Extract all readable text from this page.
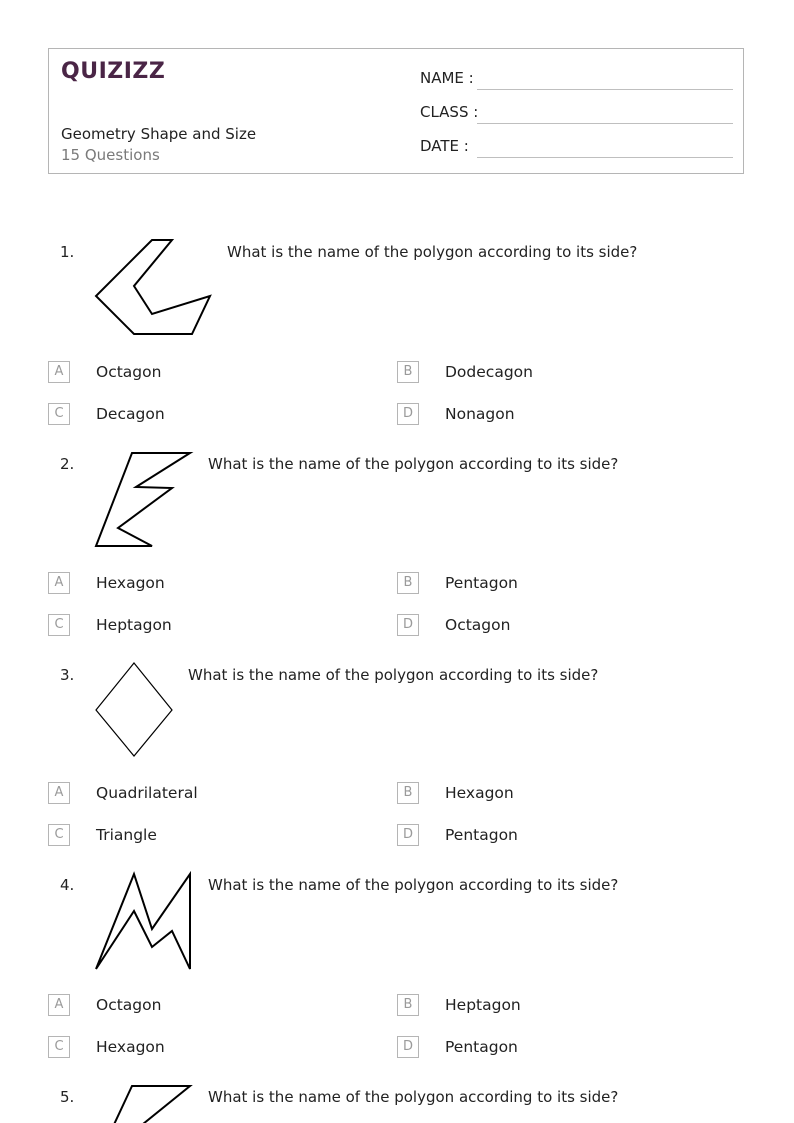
QUIZIZZ
Geometry Shape and Size
15 Questions
NAME :
CLASS :
DATE :
1.	What is the name of the polygon according to its side?
A	Octagon	B	Dodecagon
C	Decagon	D	Nonagon
2.	What is the name of the polygon according to its side?
A	Hexagon	B	Pentagon
C	Heptagon	D	Octagon
3.	What is the name of the polygon according to its side?
A	Quadrilateral	B	Hexagon
C	Triangle	D	Pentagon
4.	What is the name of the polygon according to its side?
A	Octagon	B	Heptagon
C	Hexagon	D	Pentagon
5.	What is the name of the polygon according to its side?
